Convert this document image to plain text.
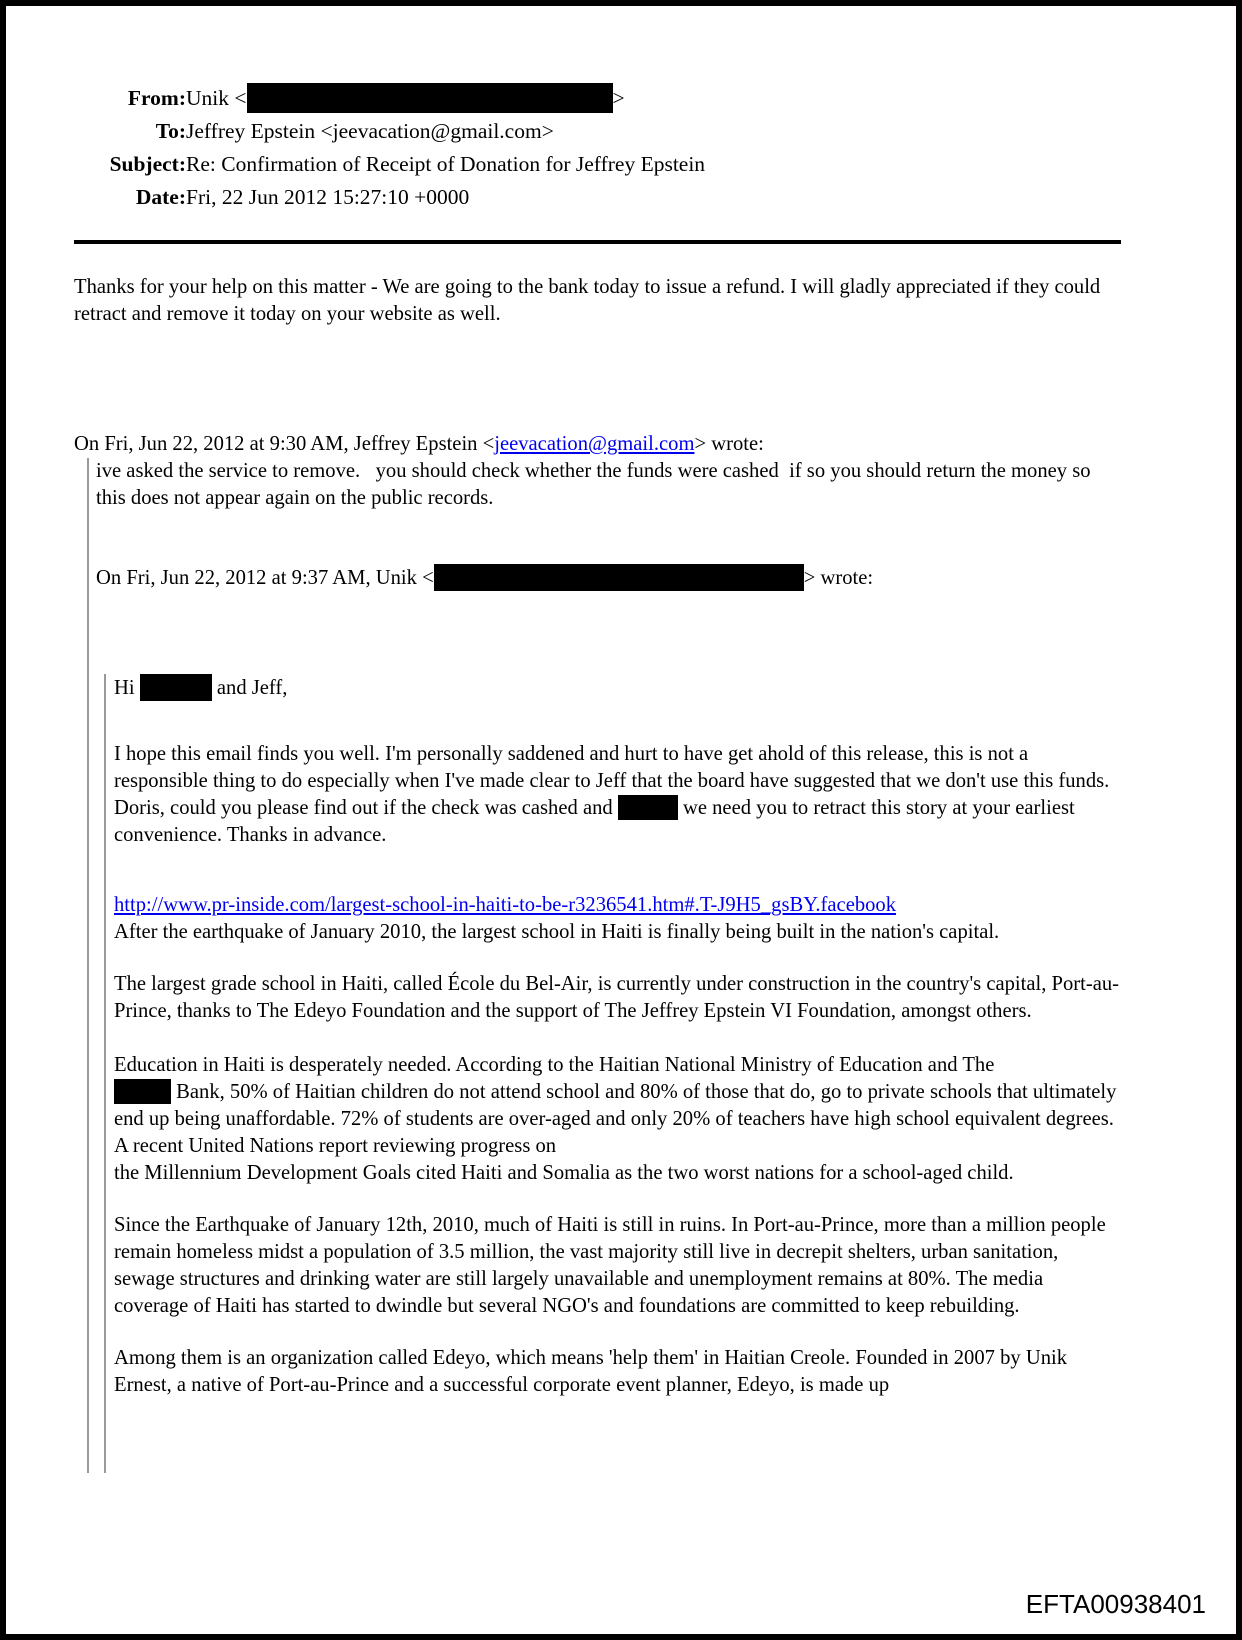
From:	Unik < >
To:	Jeffrey Epstein <jeevacation@gmail.com>
Subject:	Re: Confirmation of Receipt of Donation for Jeffrey Epstein
Date:	Fri, 22 Jun 2012 15:27:10 +0000

Thanks for your help on this matter - We are going to the bank today to issue a refund. I will gladly appreciated if they could retract and remove it today on your website as well.

On Fri, Jun 22, 2012 at 9:30 AM, Jeffrey Epstein <jeevacation@gmail.com> wrote:

ive asked the service to remove.   you should check whether the funds were cashed  if so you should return the money so this does not appear again on the public records.

On Fri, Jun 22, 2012 at 9:37 AM, Unik <	> wrote:

Hi	and Jeff,

I hope this email finds you well. I'm personally saddened and hurt to have get ahold of this release, this is not a responsible thing to do especially when I've made clear to Jeff that the board have suggested that we don't use this funds. Doris, could you please find out if the check was cashed and	we need you to retract this story at your earliest convenience. Thanks in advance.

http://www.pr-inside.com/largest-school-in-haiti-to-be-r3236541.htm#.T-J9H5_gsBY.facebook
After the earthquake of January 2010, the largest school in Haiti is finally being built in the nation's capital.

The largest grade school in Haiti, called École du Bel-Air, is currently under construction in the country's capital, Port-au-Prince, thanks to The Edeyo Foundation and the support of The Jeffrey Epstein VI Foundation, amongst others.

Education in Haiti is desperately needed. According to the Haitian National Ministry of Education and The
Bank, 50% of Haitian children do not attend school and 80% of those that do, go to private schools that ultimately end up being unaffordable. 72% of students are over-aged and only 20% of teachers have high school equivalent degrees. A recent United Nations report reviewing progress on
the Millennium Development Goals cited Haiti and Somalia as the two worst nations for a school-aged child.

Since the Earthquake of January 12th, 2010, much of Haiti is still in ruins. In Port-au-Prince, more than a million people remain homeless midst a population of 3.5 million, the vast majority still live in decrepit shelters, urban sanitation, sewage structures and drinking water are still largely unavailable and unemployment remains at 80%. The media coverage of Haiti has started to dwindle but several NGO's and foundations are committed to keep rebuilding.

Among them is an organization called Edeyo, which means 'help them' in Haitian Creole. Founded in 2007 by Unik Ernest, a native of Port-au-Prince and a successful corporate event planner, Edeyo, is made up

EFTA00938401
